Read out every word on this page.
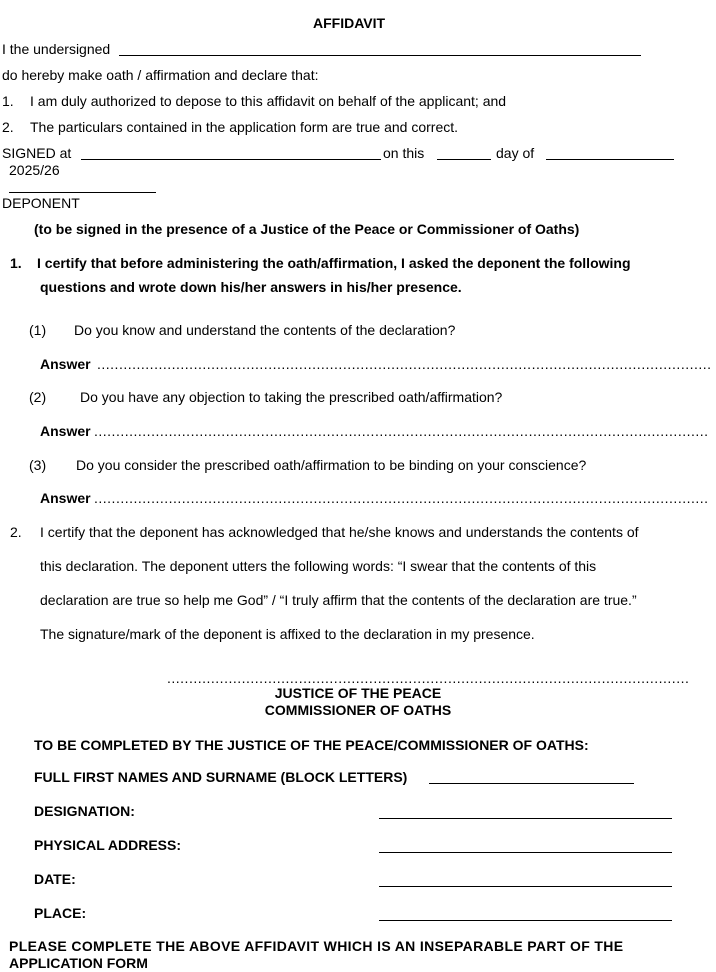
AFFIDAVIT
I the undersigned
do hereby make oath / affirmation and declare that:
1. I am duly authorized to depose to this affidavit on behalf of the applicant; and
2. The particulars contained in the application form are true and correct.
SIGNED at	on this	day of
2025/26
DEPONENT
(to be signed in the presence of a Justice of the Peace or Commissioner of Oaths)
1. I certify that before administering the oath/affirmation, I asked the deponent the following
questions and wrote down his/her answers in his/her presence.
(1) Do you know and understand the contents of the declaration?
Answer ............................................................................................................................................
(2) Do you have any objection to taking the prescribed oath/affirmation?
Answer ............................................................................................................................................
(3) Do you consider the prescribed oath/affirmation to be binding on your conscience?
Answer ............................................................................................................................................
2. I certify that the deponent has acknowledged that he/she knows and understands the contents of
this declaration. The deponent utters the following words: “I swear that the contents of this
declaration are true so help me God” / “I truly affirm that the contents of the declaration are true.”
The signature/mark of the deponent is affixed to the declaration in my presence.
.......................................................................................................................
JUSTICE OF THE PEACE
COMMISSIONER OF OATHS
TO BE COMPLETED BY THE JUSTICE OF THE PEACE/COMMISSIONER OF OATHS:
FULL FIRST NAMES AND SURNAME (BLOCK LETTERS)
DESIGNATION:
PHYSICAL ADDRESS:
DATE:
PLACE:
PLEASE COMPLETE THE ABOVE AFFIDAVIT WHICH IS AN INSEPARABLE PART OF THE
APPLICATION FORM
